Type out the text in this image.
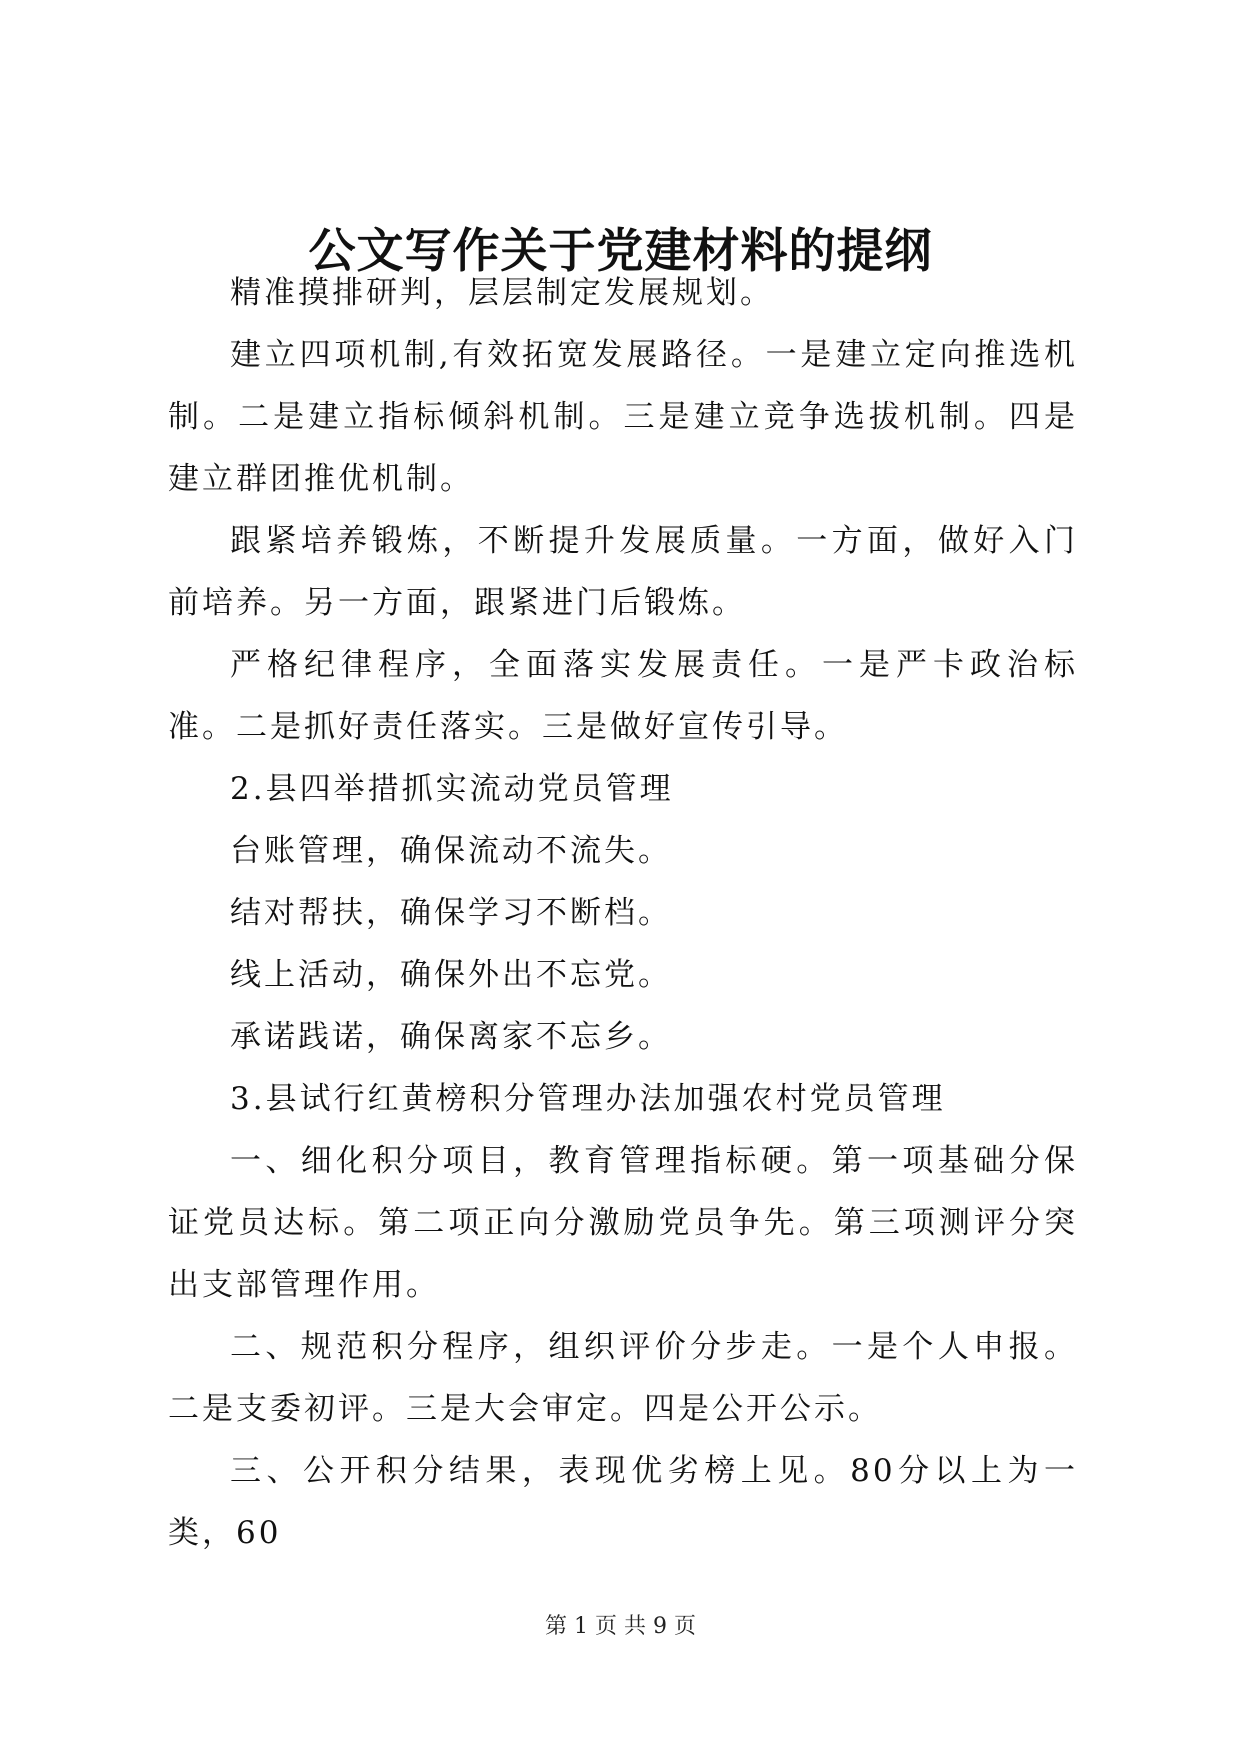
公文写作关于党建材料的提纲

精准摸排研判，层层制定发展规划。

建立四项机制,有效拓宽发展路径。一是建立定向推选机制。二是建立指标倾斜机制。三是建立竞争选拔机制。四是建立群团推优机制。

跟紧培养锻炼，不断提升发展质量。一方面，做好入门前培养。另一方面，跟紧进门后锻炼。

严格纪律程序，全面落实发展责任。一是严卡政治标准。二是抓好责任落实。三是做好宣传引导。

2.县四举措抓实流动党员管理

台账管理，确保流动不流失。

结对帮扶，确保学习不断档。

线上活动，确保外出不忘党。

承诺践诺，确保离家不忘乡。

3.县试行红黄榜积分管理办法加强农村党员管理

一、细化积分项目，教育管理指标硬。第一项基础分保证党员达标。第二项正向分激励党员争先。第三项测评分突出支部管理作用。

二、规范积分程序，组织评价分步走。一是个人申报。二是支委初评。三是大会审定。四是公开公示。

三、公开积分结果，表现优劣榜上见。80分以上为一类，60

第 1 页 共 9 页
